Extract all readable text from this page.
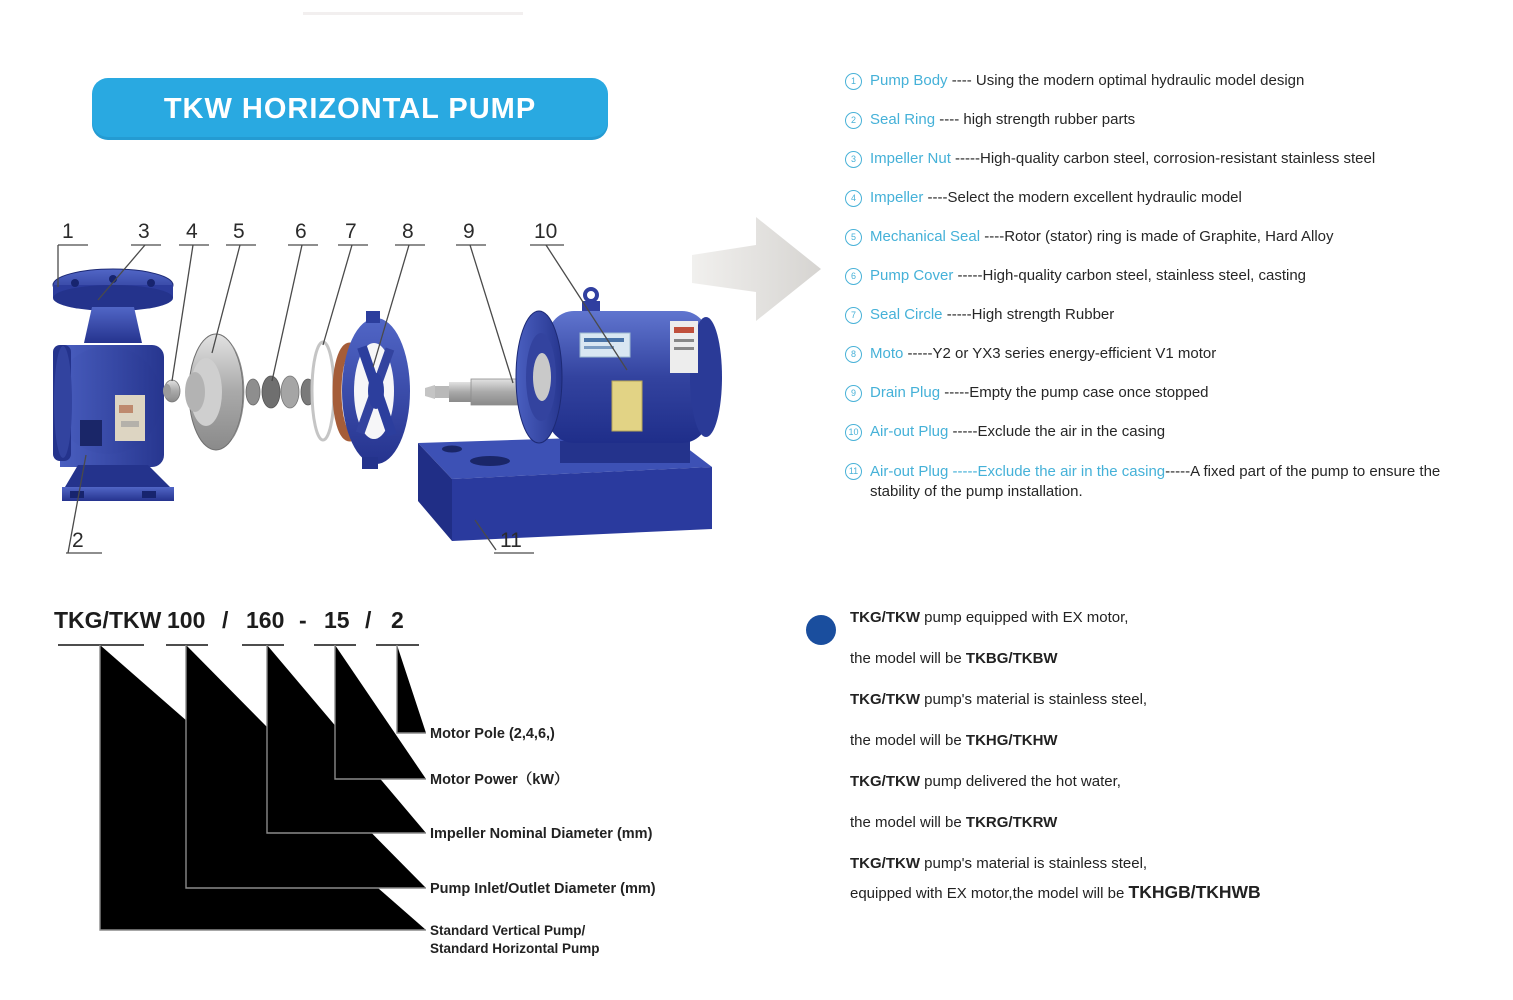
TKW HORIZONTAL PUMP
1	3 4 5 6 7 8 9	10
2	11
1 Pump Body ---- Using the modern optimal hydraulic model design
2 Seal Ring ---- high strength rubber parts
3 Impeller Nut -----High-quality carbon steel, corrosion-resistant stainless steel
4 Impeller ----Select the modern excellent hydraulic model
5 Mechanical Seal ----Rotor (stator) ring is made of Graphite, Hard Alloy
6 Pump Cover -----High-quality carbon steel, stainless steel, casting
7 Seal Circle -----High strength Rubber
8 Moto -----Y2 or YX3 series energy-efficient V1 motor
9 Drain Plug -----Empty the pump case once stopped
10 Air-out Plug -----Exclude the air in the casing
11 Air-out Plug -----Exclude the air in the casing-----A fixed part of the pump to ensure the stability of the pump installation.
TKG/TKW 100 / 160 - 15 / 2
Motor Pole (2,4,6,)
Motor Power（kW）
Impeller Nominal Diameter (mm)
Pump Inlet/Outlet Diameter (mm)
Standard Vertical Pump/
Standard Horizontal Pump

TKG/TKW pump equipped with EX motor,

the model will be TKBG/TKBW

TKG/TKW pump's material is stainless steel,

the model will be TKHG/TKHW

TKG/TKW pump delivered the hot water,

the model will be TKRG/TKRW

TKG/TKW pump's material is stainless steel,

equipped with EX motor,the model will be TKHGB/TKHWB
